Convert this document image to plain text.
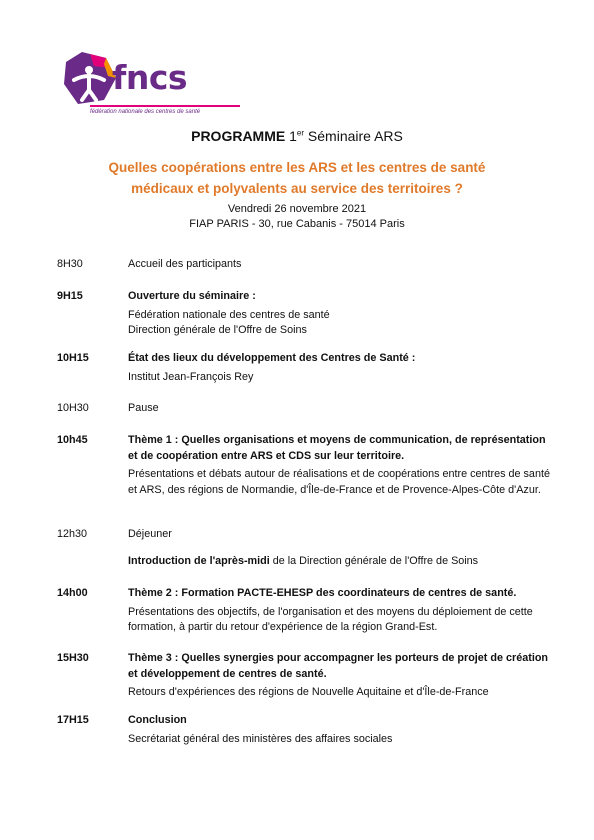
fncs
fédération nationale des centres de santé
PROGRAMME 1er Séminaire ARS
Quelles coopérations entre les ARS et les centres de santé
médicaux et polyvalents au service des territoires ?
Vendredi 26 novembre 2021
FIAP PARIS - 30, rue Cabanis - 75014 Paris
8H30	Accueil des participants
9H15	Ouverture du séminaire :
Fédération nationale des centres de santé
Direction générale de l'Offre de Soins
10H15	État des lieux du développement des Centres de Santé :
Institut Jean-François Rey
10H30	Pause
10h45	Thème 1 : Quelles organisations et moyens de communication, de représentation et de coopération entre ARS et CDS sur leur territoire.
Présentations et débats autour de réalisations et de coopérations entre centres de santé et ARS, des régions de Normandie, d'Île-de-France et de Provence-Alpes-Côte d'Azur.
12h30	Déjeuner
Introduction de l'après-midi de la Direction générale de l'Offre de Soins
14h00	Thème 2 : Formation PACTE-EHESP des coordinateurs de centres de santé.
Présentations des objectifs, de l'organisation et des moyens du déploiement de cette formation, à partir du retour d'expérience de la région Grand-Est.
15H30	Thème 3 : Quelles synergies pour accompagner les porteurs de projet de création et développement de centres de santé.
Retours d'expériences des régions de Nouvelle Aquitaine et d'Île-de-France
17H15	Conclusion
Secrétariat général des ministères des affaires sociales
